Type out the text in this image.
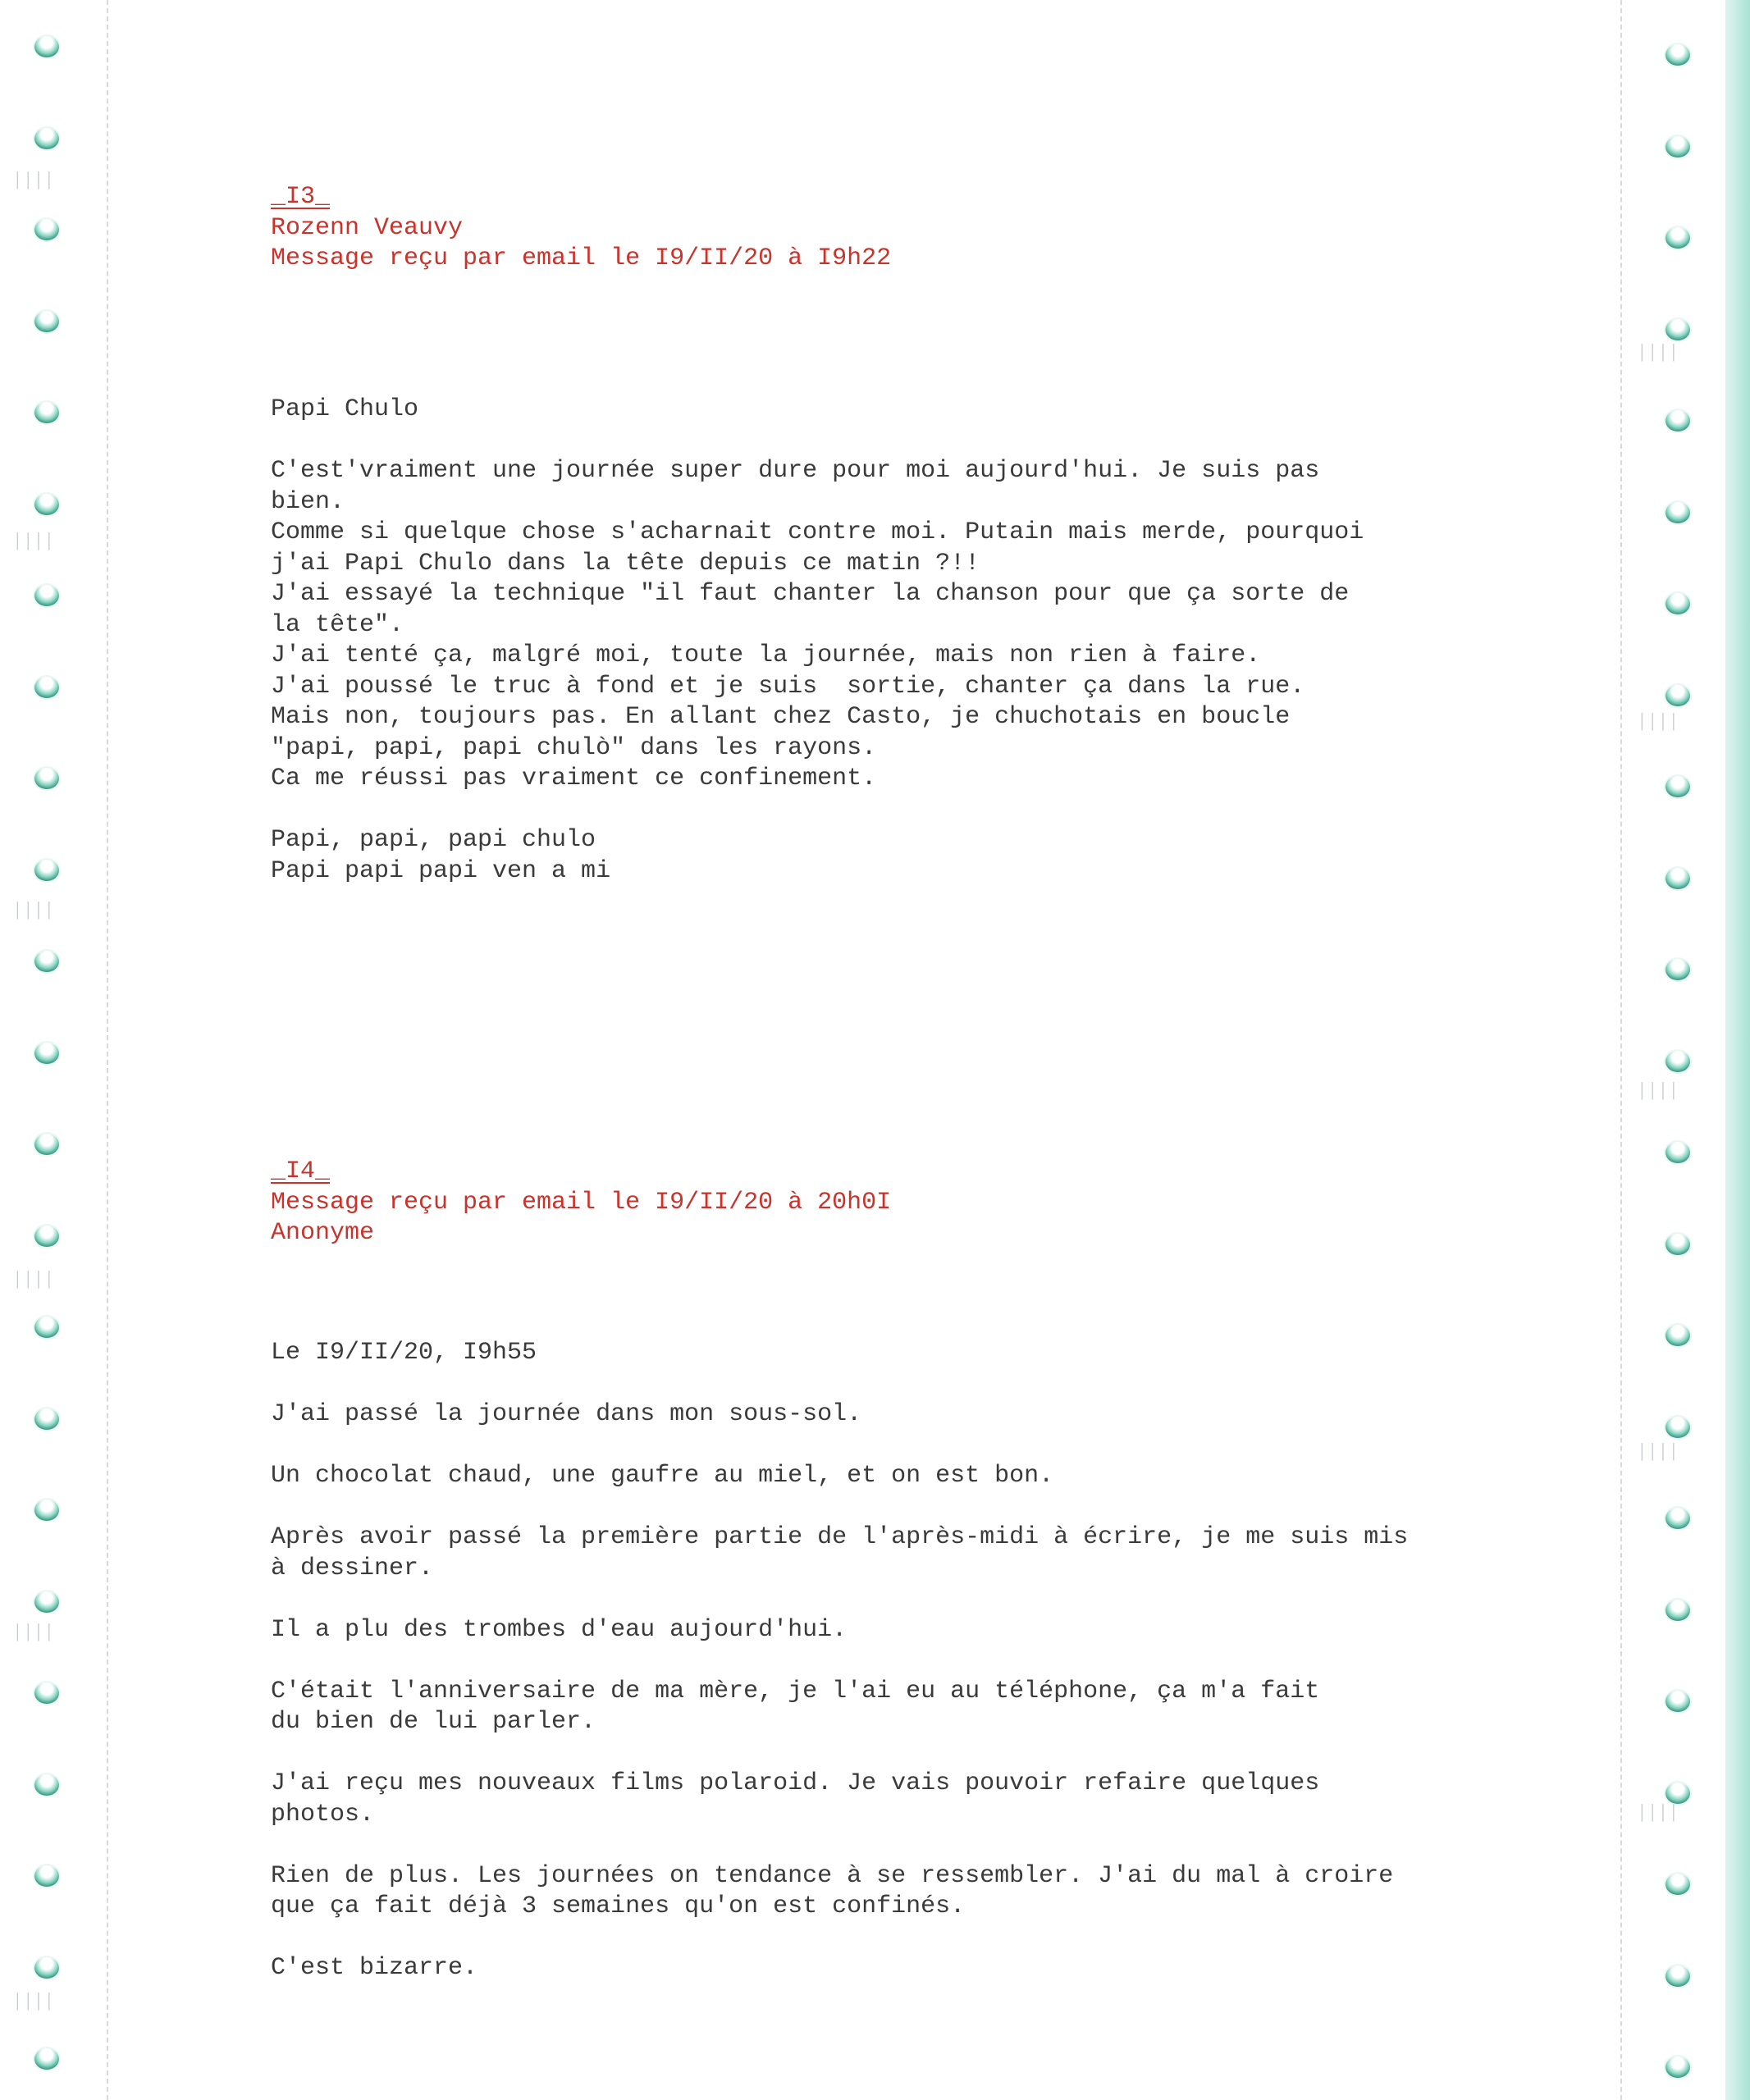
││││
││││
││││
││││
││││
││││
││││
││││
││││
││││
││││
_I3_
Rozenn Veauvy
Message reçu par email le I9/II/20 à I9h22
Papi Chulo
C'est'vraiment une journée super dure pour moi aujourd'hui. Je suis pas
bien.
Comme si quelque chose s'acharnait contre moi. Putain mais merde, pourquoi
j'ai Papi Chulo dans la tête depuis ce matin ?!!
J'ai essayé la technique "il faut chanter la chanson pour que ça sorte de
la tête".
J'ai tenté ça, malgré moi, toute la journée, mais non rien à faire.
J'ai poussé le truc à fond et je suis  sortie, chanter ça dans la rue.
Mais non, toujours pas. En allant chez Casto, je chuchotais en boucle
"papi, papi, papi chulò" dans les rayons.
Ca me réussi pas vraiment ce confinement.
Papi, papi, papi chulo
Papi papi papi ven a mi
_I4_
Message reçu par email le I9/II/20 à 20h0I
Anonyme
Le I9/II/20, I9h55
J'ai passé la journée dans mon sous-sol.
Un chocolat chaud, une gaufre au miel, et on est bon.
Après avoir passé la première partie de l'après-midi à écrire, je me suis mis
à dessiner.
Il a plu des trombes d'eau aujourd'hui.
C'était l'anniversaire de ma mère, je l'ai eu au téléphone, ça m'a fait
du bien de lui parler.
J'ai reçu mes nouveaux films polaroid. Je vais pouvoir refaire quelques
photos.
Rien de plus. Les journées on tendance à se ressembler. J'ai du mal à croire
que ça fait déjà 3 semaines qu'on est confinés.
C'est bizarre.
